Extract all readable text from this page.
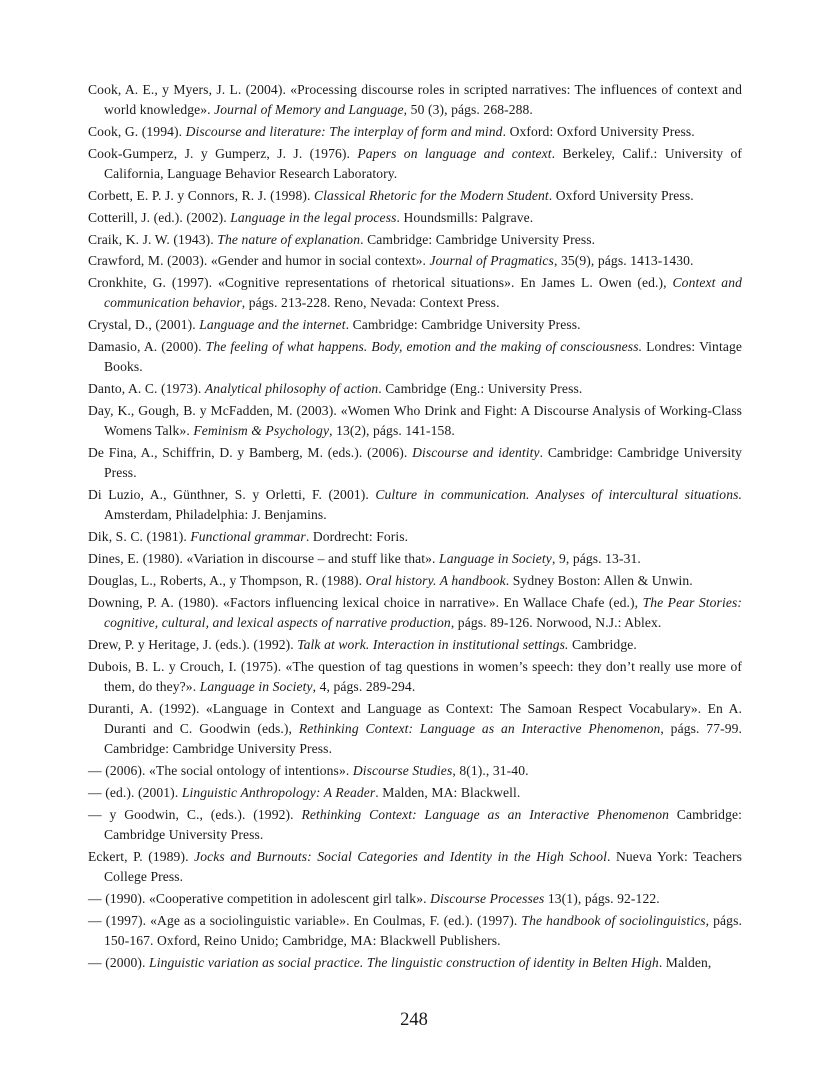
Cook, A. E., y Myers, J. L. (2004). «Processing discourse roles in scripted narratives: The influences of context and world knowledge». Journal of Memory and Language, 50 (3), págs. 268-288.

Cook, G. (1994). Discourse and literature: The interplay of form and mind. Oxford: Oxford University Press.

Cook-Gumperz, J. y Gumperz, J. J. (1976). Papers on language and context. Berkeley, Calif.: University of California, Language Behavior Research Laboratory.

Corbett, E. P. J. y Connors, R. J. (1998). Classical Rhetoric for the Modern Student. Oxford University Press.

Cotterill, J. (ed.). (2002). Language in the legal process. Houndsmills: Palgrave.

Craik, K. J. W. (1943). The nature of explanation. Cambridge: Cambridge University Press.

Crawford, M. (2003). «Gender and humor in social context». Journal of Pragmatics, 35(9), págs. 1413-1430.

Cronkhite, G. (1997). «Cognitive representations of rhetorical situations». En James L. Owen (ed.), Context and communication behavior, págs. 213-228. Reno, Nevada: Context Press.

Crystal, D., (2001). Language and the internet. Cambridge: Cambridge University Press.

Damasio, A. (2000). The feeling of what happens. Body, emotion and the making of consciousness. Londres: Vintage Books.

Danto, A. C. (1973). Analytical philosophy of action. Cambridge (Eng.: University Press.

Day, K., Gough, B. y McFadden, M. (2003). «Women Who Drink and Fight: A Discourse Analysis of Working-Class Womens Talk». Feminism & Psychology, 13(2), págs. 141-158.

De Fina, A., Schiffrin, D. y Bamberg, M. (eds.). (2006). Discourse and identity. Cambridge: Cambridge University Press.

Di Luzio, A., Günthner, S. y Orletti, F. (2001). Culture in communication. Analyses of intercultural situations. Amsterdam, Philadelphia: J. Benjamins.

Dik, S. C. (1981). Functional grammar. Dordrecht: Foris.

Dines, E. (1980). «Variation in discourse – and stuff like that». Language in Society, 9, págs. 13-31.

Douglas, L., Roberts, A., y Thompson, R. (1988). Oral history. A handbook. Sydney Boston: Allen & Unwin.

Downing, P. A. (1980). «Factors influencing lexical choice in narrative». En Wallace Chafe (ed.), The Pear Stories: cognitive, cultural, and lexical aspects of narrative production, págs. 89-126. Norwood, N.J.: Ablex.

Drew, P. y Heritage, J. (eds.). (1992). Talk at work. Interaction in institutional settings. Cambridge.

Dubois, B. L. y Crouch, I. (1975). «The question of tag questions in women’s speech: they don’t really use more of them, do they?». Language in Society, 4, págs. 289-294.

Duranti, A. (1992). «Language in Context and Language as Context: The Samoan Respect Vocabulary». En A. Duranti and C. Goodwin (eds.), Rethinking Context: Language as an Interactive Phenomenon, págs. 77-99. Cambridge: Cambridge University Press.

— (2006). «The social ontology of intentions». Discourse Studies, 8(1)., 31-40.

— (ed.). (2001). Linguistic Anthropology: A Reader. Malden, MA: Blackwell.

— y Goodwin, C., (eds.). (1992). Rethinking Context: Language as an Interactive Phenomenon Cambridge: Cambridge University Press.

Eckert, P. (1989). Jocks and Burnouts: Social Categories and Identity in the High School. Nueva York: Teachers College Press.

— (1990). «Cooperative competition in adolescent girl talk». Discourse Processes 13(1), págs. 92-122.

— (1997). «Age as a sociolinguistic variable». En Coulmas, F. (ed.). (1997). The handbook of sociolinguistics, págs. 150-167. Oxford, Reino Unido; Cambridge, MA: Blackwell Publishers.

— (2000). Linguistic variation as social practice. The linguistic construction of identity in Belten High. Malden,

248
